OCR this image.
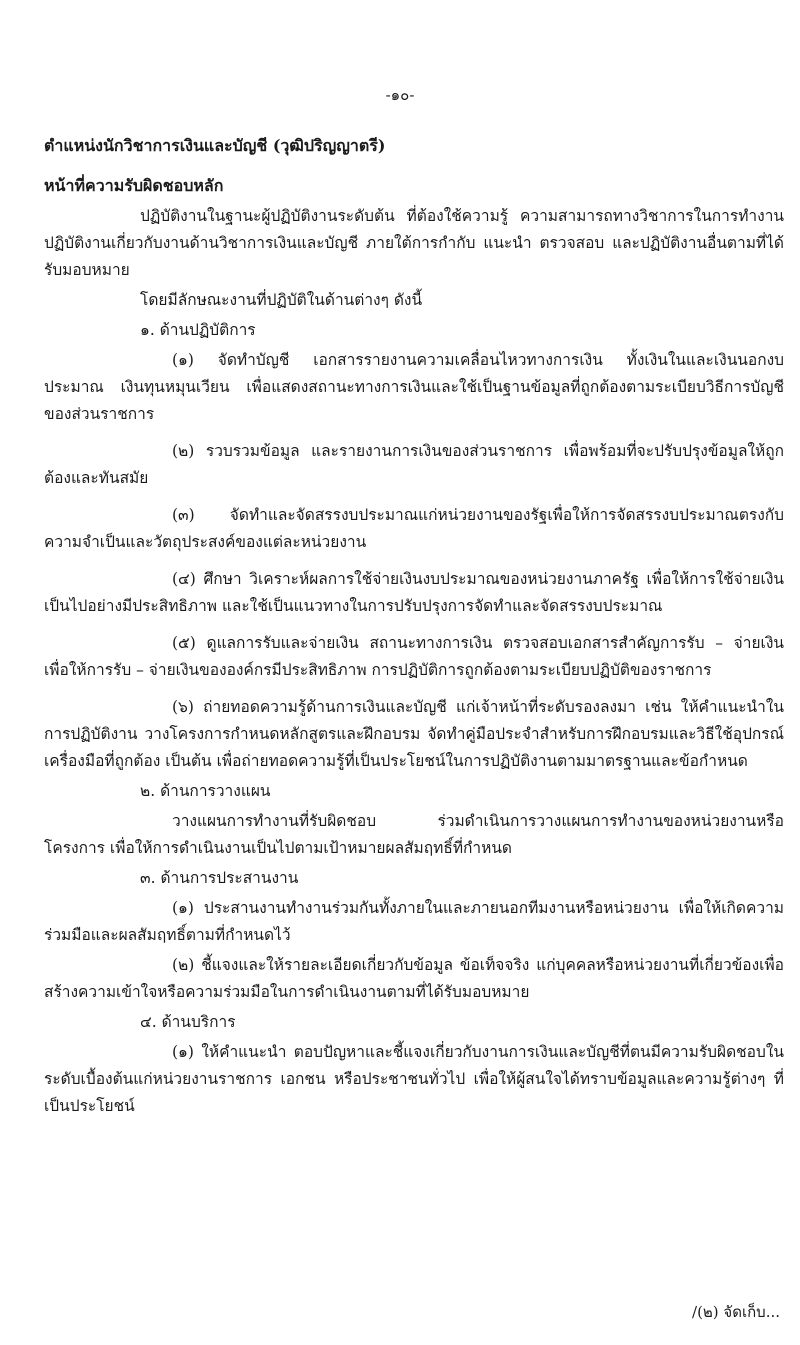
-๑๐-
ตำแหน่งนักวิชาการเงินและบัญชี (วุฒิปริญญาตรี)
หน้าที่ความรับผิดชอบหลัก

ปฏิบัติงานในฐานะผู้ปฏิบัติงานระดับต้น ที่ต้องใช้ความรู้ ความสามารถทางวิชาการในการทำงาน ปฏิบัติงานเกี่ยวกับงานด้านวิชาการเงินและบัญชี ภายใต้การกำกับ แนะนำ ตรวจสอบ และปฏิบัติงานอื่นตามที่ได้รับมอบหมาย

โดยมีลักษณะงานที่ปฏิบัติในด้านต่างๆ ดังนี้

๑. ด้านปฏิบัติการ

(๑) จัดทำบัญชี เอกสารรายงานความเคลื่อนไหวทางการเงิน ทั้งเงินในและเงินนอกงบประมาณ เงินทุนหมุนเวียน เพื่อแสดงสถานะทางการเงินและใช้เป็นฐานข้อมูลที่ถูกต้องตามระเบียบวิธีการบัญชีของส่วนราชการ

(๒) รวบรวมข้อมูล และรายงานการเงินของส่วนราชการ เพื่อพร้อมที่จะปรับปรุงข้อมูลให้ถูกต้องและทันสมัย

(๓) จัดทำและจัดสรรงบประมาณแก่หน่วยงานของรัฐเพื่อให้การจัดสรรงบประมาณตรงกับความจำเป็นและวัตถุประสงค์ของแต่ละหน่วยงาน

(๔) ศึกษา วิเคราะห์ผลการใช้จ่ายเงินงบประมาณของหน่วยงานภาครัฐ เพื่อให้การใช้จ่ายเงินเป็นไปอย่างมีประสิทธิภาพ และใช้เป็นแนวทางในการปรับปรุงการจัดทำและจัดสรรงบประมาณ

(๕) ดูแลการรับและจ่ายเงิน สถานะทางการเงิน ตรวจสอบเอกสารสำคัญการรับ – จ่ายเงิน เพื่อให้การรับ – จ่ายเงินขององค์กรมีประสิทธิภาพ การปฏิบัติการถูกต้องตามระเบียบปฏิบัติของราชการ

(๖) ถ่ายทอดความรู้ด้านการเงินและบัญชี แก่เจ้าหน้าที่ระดับรองลงมา เช่น ให้คำแนะนำในการปฏิบัติงาน วางโครงการกำหนดหลักสูตรและฝึกอบรม จัดทำคู่มือประจำสำหรับการฝึกอบรมและวิธีใช้อุปกรณ์เครื่องมือที่ถูกต้อง เป็นต้น เพื่อถ่ายทอดความรู้ที่เป็นประโยชน์ในการปฏิบัติงานตามมาตรฐานและข้อกำหนด

๒. ด้านการวางแผน

วางแผนการทำงานที่รับผิดชอบ ร่วมดำเนินการวางแผนการทำงานของหน่วยงานหรือโครงการ เพื่อให้การดำเนินงานเป็นไปตามเป้าหมายผลสัมฤทธิ์ที่กำหนด

๓. ด้านการประสานงาน

(๑) ประสานงานทำงานร่วมกันทั้งภายในและภายนอกทีมงานหรือหน่วยงาน เพื่อให้เกิดความร่วมมือและผลสัมฤทธิ์ตามที่กำหนดไว้

(๒) ชี้แจงและให้รายละเอียดเกี่ยวกับข้อมูล ข้อเท็จจริง แก่บุคคลหรือหน่วยงานที่เกี่ยวข้องเพื่อสร้างความเข้าใจหรือความร่วมมือในการดำเนินงานตามที่ได้รับมอบหมาย

๔. ด้านบริการ

(๑) ให้คำแนะนำ ตอบปัญหาและชี้แจงเกี่ยวกับงานการเงินและบัญชีที่ตนมีความรับผิดชอบในระดับเบื้องต้นแก่หน่วยงานราชการ เอกชน หรือประชาชนทั่วไป เพื่อให้ผู้สนใจได้ทราบข้อมูลและความรู้ต่างๆ ที่เป็นประโยชน์

/(๒) จัดเก็บ...
